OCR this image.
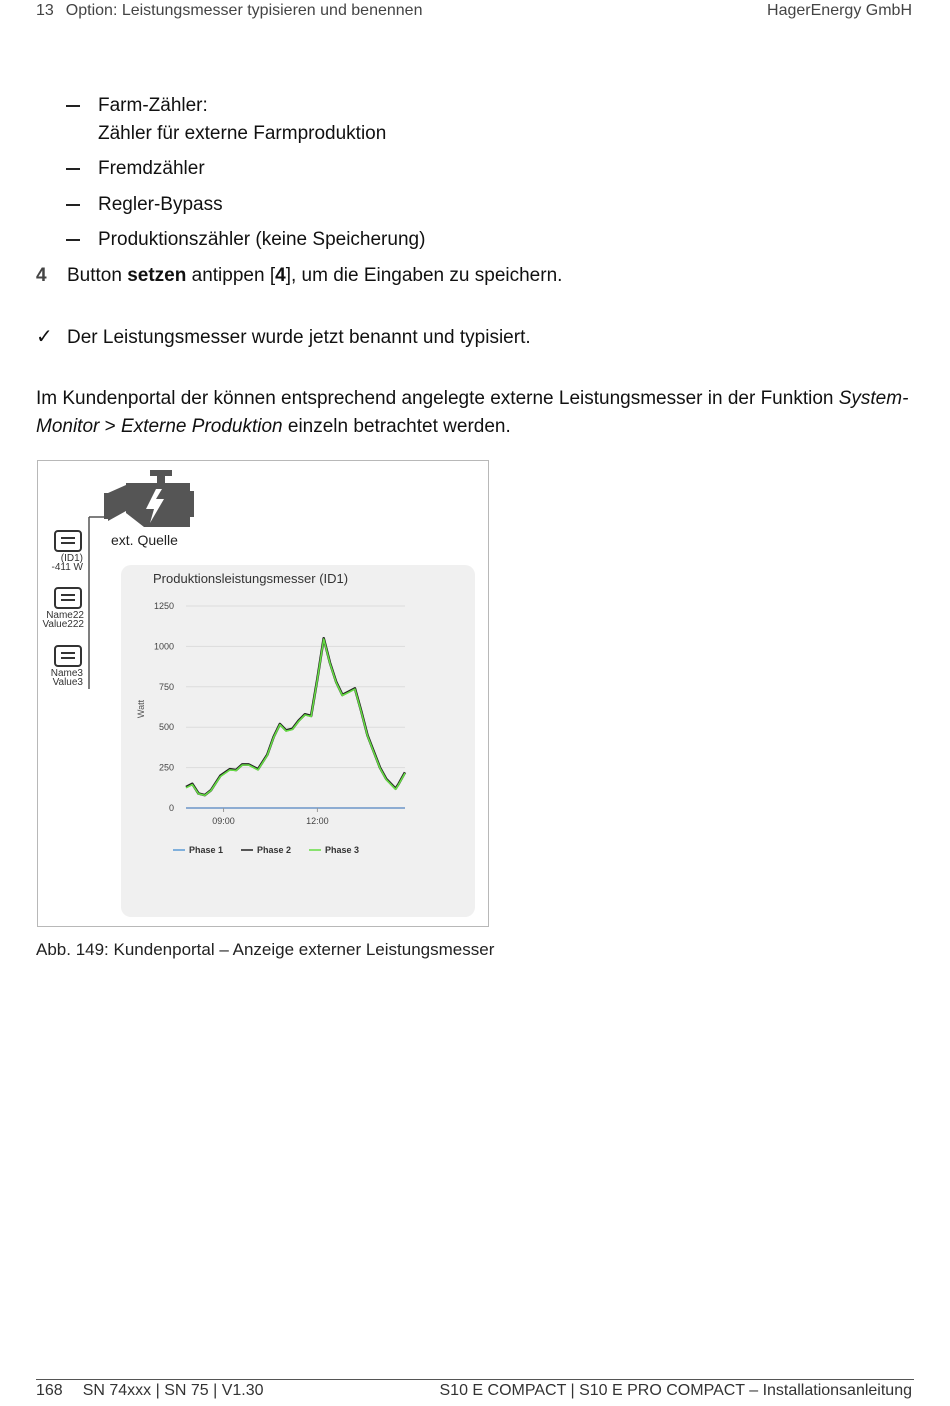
13 Option: Leistungsmesser typisieren und benennen	HagerEnergy GmbH
Farm-Zähler:
Zähler für externe Farmproduktion
Fremdzähler
Regler-Bypass
Produktionszähler (keine Speicherung)
4 Button setzen antippen [4], um die Eingaben zu speichern.
✓ Der Leistungsmesser wurde jetzt benannt und typisiert.
Im Kundenportal der können entsprechend angelegte externe Leistungsmesser in der Funktion System-Monitor > Externe Produktion einzeln betrachtet werden.
ext. Quelle
(ID1)
-411 W
Name22
Value222
Name3
Value3
Produktionsleistungsmesser (ID1)
Watt
0
250
500
750
1000
1250
09:00	12:00
Phase 1	Phase 2	Phase 3
Abb. 149: Kundenportal – Anzeige externer Leistungsmesser
168 SN 74xxx | SN 75 | V1.30	S10 E COMPACT | S10 E PRO COMPACT – Installationsanleitung
